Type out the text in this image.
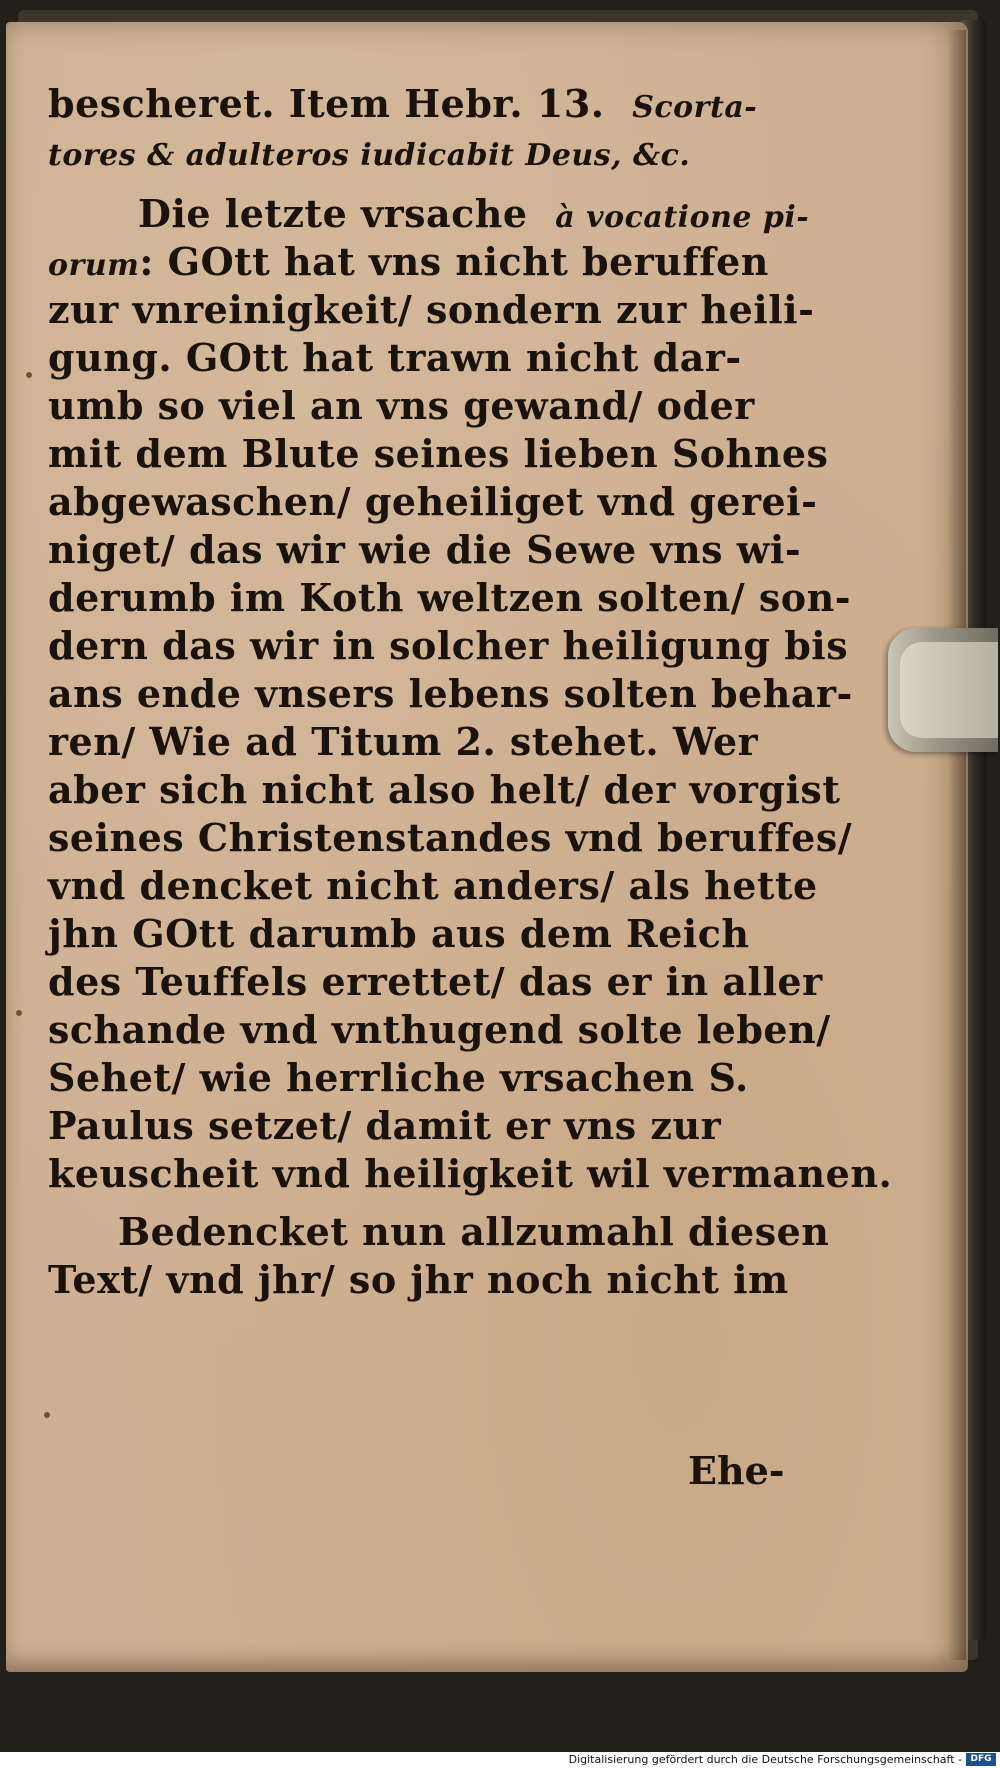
bescheret. Item Hebr. 13. Scorta-
tores & adulteros iudicabit Deus, &c.
Die letzte vrsache à vocatione pi-
orum: GOtt hat vns nicht beruffen
zur vnreinigkeit/ sondern zur heili-
gung. GOtt hat trawn nicht dar-
umb so viel an vns gewand/ oder
mit dem Blute seines lieben Sohnes
abgewaschen/ geheiliget vnd gerei-
niget/ das wir wie die Sewe vns wi-
derumb im Koth weltzen solten/ son-
dern das wir in solcher heiligung bis
ans ende vnsers lebens solten behar-
ren/ Wie ad Titum 2. stehet. Wer
aber sich nicht also helt/ der vorgist
seines Christenstandes vnd beruffes/
vnd dencket nicht anders/ als hette
jhn GOtt darumb aus dem Reich
des Teuffels errettet/ das er in aller
schande vnd vnthugend solte leben/
Sehet/ wie herrliche vrsachen S.
Paulus setzet/ damit er vns zur
keuscheit vnd heiligkeit wil vermanen.
Bedencket nun allzumahl diesen
Text/ vnd jhr/ so jhr noch nicht im
Ehe-
Digitalisierung gefördert durch die Deutsche Forschungsgemeinschaft - DFG
